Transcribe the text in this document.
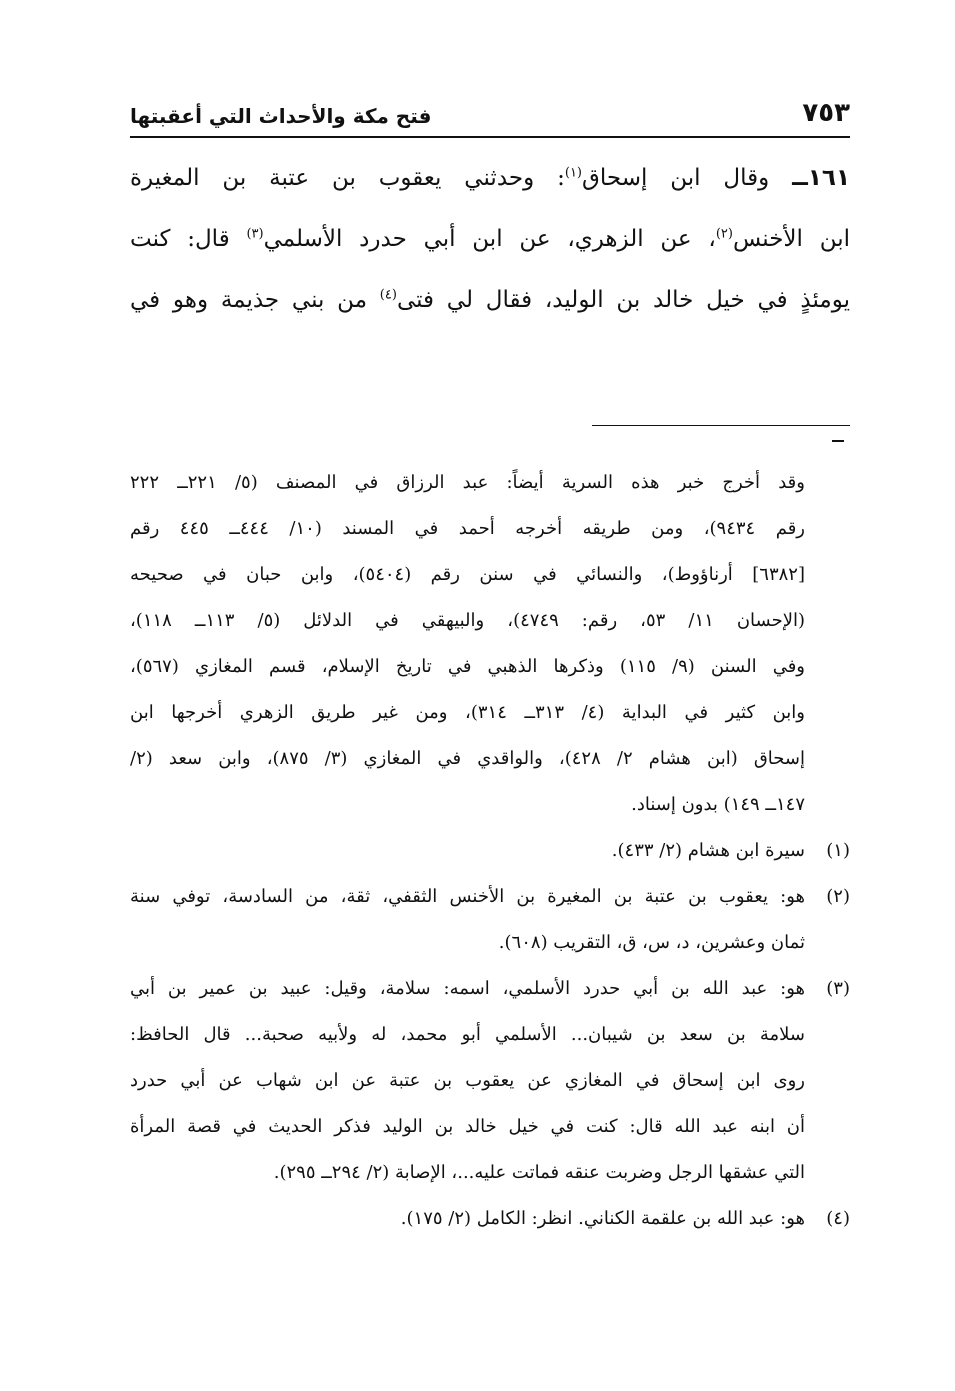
٧٥٣
فتح مكة والأحداث التي أعقبتها
١٦١ــ وقال ابن إسحاق$^{(١)}$: وحدثني يعقوب بن عتبة بن المغيرة
ابن الأخنس$^{(٢)}$، عن الزهري، عن ابن أبي حدرد الأسلمي$^{(٣)}$ قال: كنت
يومئذٍ في خيل خالد بن الوليد، فقال لي فتى$^{(٤)}$ من بني جذيمة وهو في
وقد أخرج خبر هذه السرية أيضاً: عبد الرزاق في المصنف (٥/ ٢٢١ــ ٢٢٢
رقم ٩٤٣٤)، ومن طريقه أخرجه أحمد في المسند (١٠/ ٤٤٤ــ ٤٤٥ رقم
[٦٣٨٢] أرناؤوط)، والنسائي في سنن رقم (٥٤٠٤)، وابن حبان في صحيحه
(الإحسان ١١/ ٥٣، رقم: ٤٧٤٩)، والبيهقي في الدلائل (٥/ ١١٣ــ ١١٨)،
وفي السنن (٩/ ١١٥) وذكرها الذهبي في تاريخ الإسلام، قسم المغازي (٥٦٧)،
وابن كثير في البداية (٤/ ٣١٣ــ ٣١٤)، ومن غير طريق الزهري أخرجها ابن
إسحاق (ابن هشام ٢/ ٤٢٨)، والواقدي في المغازي (٣/ ٨٧٥)، وابن سعد (٢/
١٤٧ــ ١٤٩) بدون إسناد.
(١)
سيرة ابن هشام (٢/ ٤٣٣).
(٢)
هو: يعقوب بن عتبة بن المغيرة بن الأخنس الثقفي، ثقة، من السادسة، توفي سنة
ثمان وعشرين، د، س، ق، التقريب (٦٠٨).
(٣)
هو: عبد الله بن أبي حدرد الأسلمي، اسمه: سلامة، وقيل: عبيد بن عمير بن أبي
سلامة بن سعد بن شيبان... الأسلمي أبو محمد، له ولأبيه صحبة... قال الحافظ:
روى ابن إسحاق في المغازي عن يعقوب بن عتبة عن ابن شهاب عن أبي حدرد
أن ابنه عبد الله قال: كنت في خيل خالد بن الوليد فذكر الحديث في قصة المرأة
التي عشقها الرجل وضربت عنقه فماتت عليه...، الإصابة (٢/ ٢٩٤ــ ٢٩٥).
(٤)
هو: عبد الله بن علقمة الكناني. انظر: الكامل (٢/ ١٧٥).
